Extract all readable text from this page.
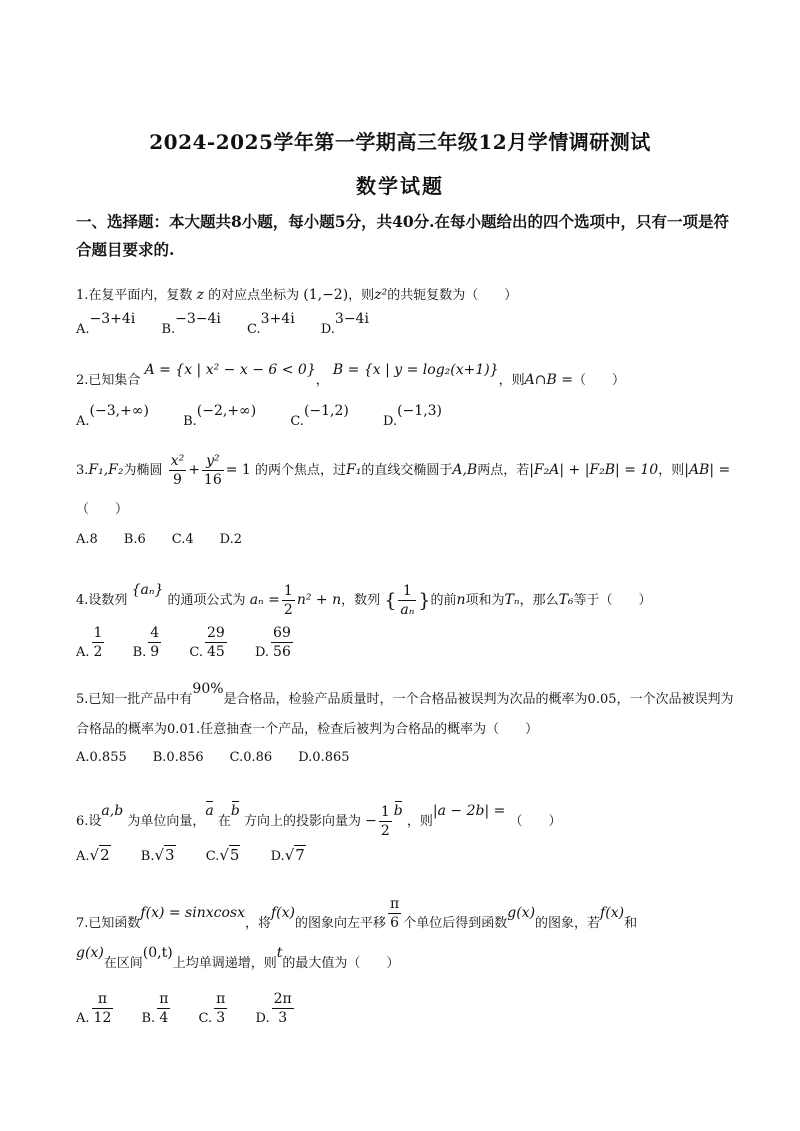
2024-2025学年第一学期高三年级12月学情调研测试
数学试题
一、选择题：本大题共8小题，每小题5分，共40分.在每小题给出的四个选项中，只有一项是符合题目要求的.
1.在复平面内，复数 z 的对应点坐标为 (1,−2)，则z²的共轭复数为（　　）
A.−3+4i B.−3−4i C.3+4i D.3−4i
2.已知集合 A = {x | x² − x − 6 < 0}， B = {x | y = log₂(x+1)}，则A∩B =（　　）
A.(−3,+∞) B.(−2,+∞) C.(−1,2) D.(−1,3)
3.F₁,F₂为椭圆 $\frac{\text{x²}}{9} + \frac{\text{y²}}{16} = 1$ 的两个焦点，过F₁的直线交椭圆于A,B两点，若|F₂A| + |F₂B| = 10，则|AB| =
（　　）
A.8　　B.6　　C.4　　D.2
4.设数列 {aₙ} 的通项公式为 $a_n = \frac{1}{2} n^2 + n$，数列 { $\frac{1}{\text{aₙ}}$ }的前n项和为Tₙ，那么T₆等于（　　）
A. $\frac{1}{2} B$. $\frac{4}{9} C$. $\frac{29}{45} D$. $\frac{69}{56}$
5.已知一批产品中有90%是合格品，检验产品质量时，一个合格品被误判为次品的概率为0.05，一个次品被误判为合格品的概率为0.01.任意抽查一个产品，检查后被判为合格品的概率为（　　）
A.0.855　　B.0.856　　C.0.86　　D.0.865
6.设a,b 为单位向量，a 在b 方向上的投影向量为 − $\frac{1}{2}$ b ，则|a − 2b| = （　　）
A.√2 B.√3 C.√5 D.√7
7.已知函数f(x) = sinxcosx，将f(x)的图象向左平移 $\frac{\pi}{6}$ 个单位后得到函数g(x)的图象，若f(x)和
g(x)在区间(0,t)上均单调递增，则t的最大值为（　　）
A. $\frac{\pi}{12} B$. $\frac{\pi}{4} C$. $\frac{\pi}{3} D$. $\frac{2\pi}{3}$
